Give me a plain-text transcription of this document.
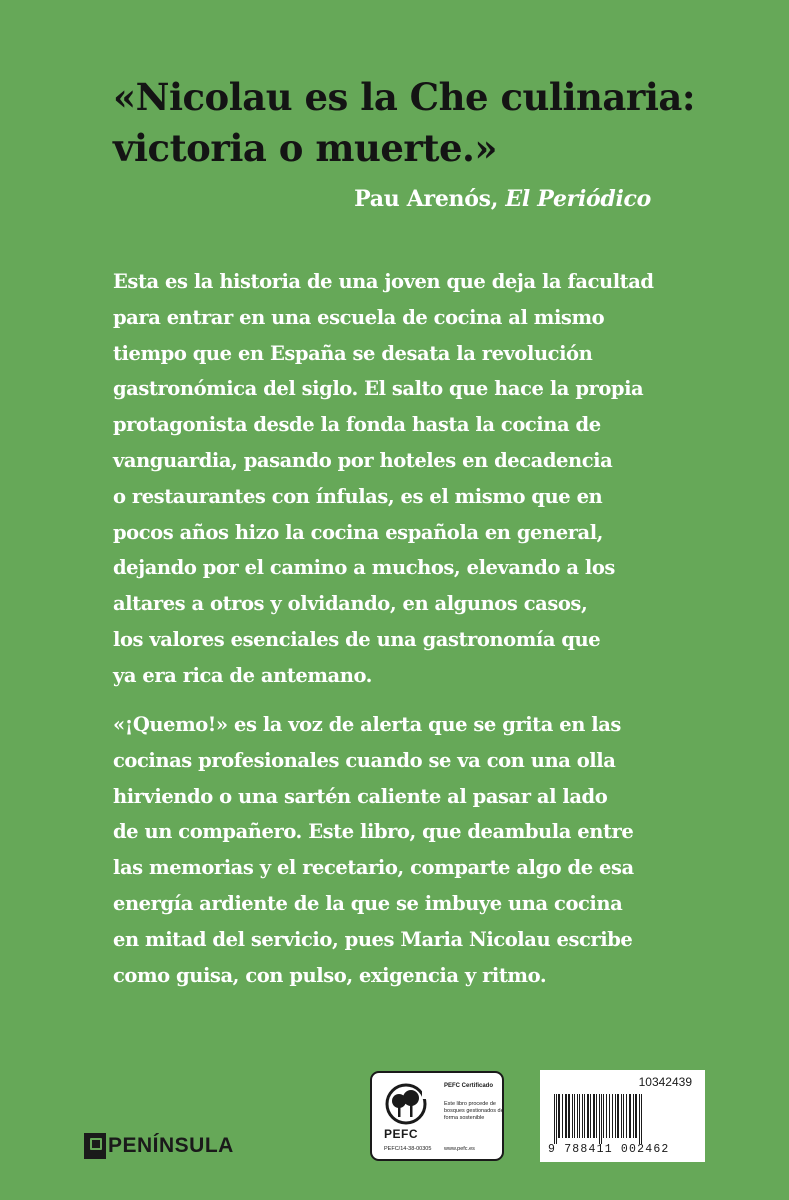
«Nicolau es la Che culinaria:
victoria o muerte.»
Pau Arenós, El Periódico

Esta es la historia de una joven que deja la facultad
para entrar en una escuela de cocina al mismo
tiempo que en España se desata la revolución
gastronómica del siglo. El salto que hace la propia
protagonista desde la fonda hasta la cocina de
vanguardia, pasando por hoteles en decadencia
o restaurantes con ínfulas, es el mismo que en
pocos años hizo la cocina española en general,
dejando por el camino a muchos, elevando a los
altares a otros y olvidando, en algunos casos,
los valores esenciales de una gastronomía que
ya era rica de antemano.

«¡Quemo!» es la voz de alerta que se grita en las
cocinas profesionales cuando se va con una olla
hirviendo o una sartén caliente al pasar al lado
de un compañero. Este libro, que deambula entre
las memorias y el recetario, comparte algo de esa
energía ardiente de la que se imbuye una cocina
en mitad del servicio, pues Maria Nicolau escribe
como guisa, con pulso, exigencia y ritmo.

PENÍNSULA	PEFC
PEFC/14-38-00305
PEFC Certificado
Este libro procede de bosques gestionados de forma sostenible
www.pefc.es
10342439
9 788411 002462
